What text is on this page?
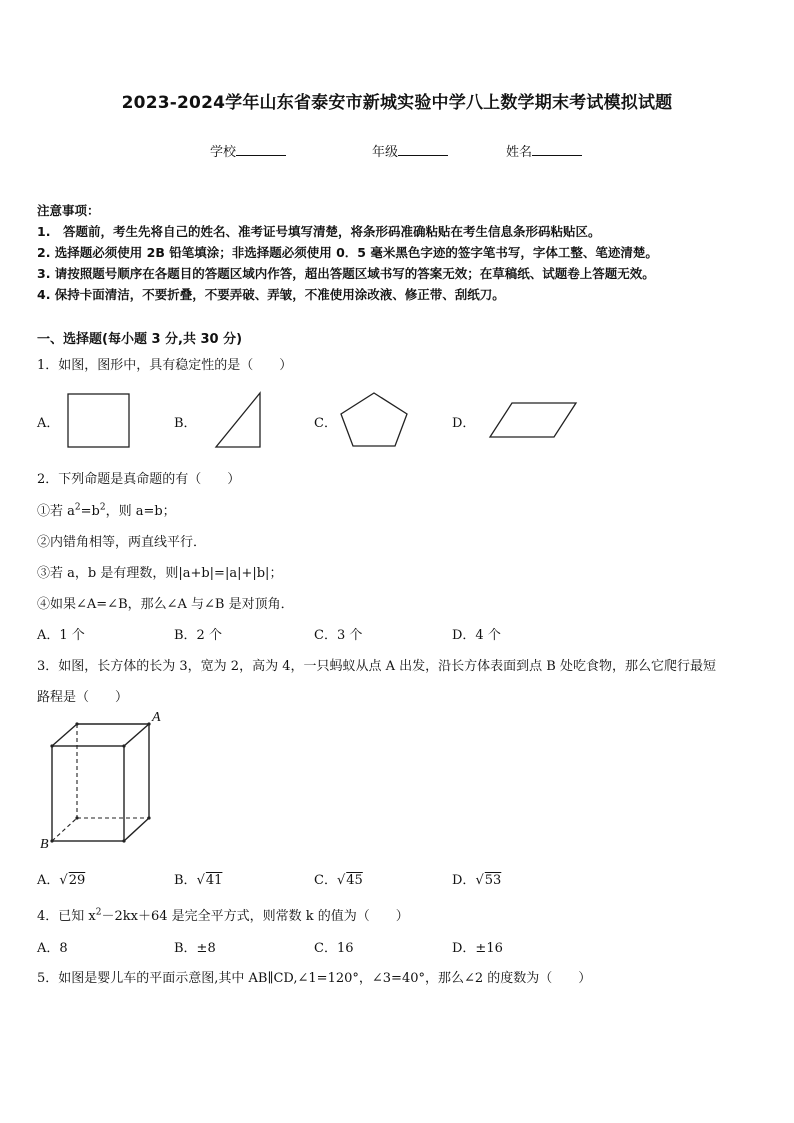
2023-2024学年山东省泰安市新城实验中学八上数学期末考试模拟试题
学校	年级	姓名
注意事项：
1.　答题前，考生先将自己的姓名、准考证号填写清楚，将条形码准确粘贴在考生信息条形码粘贴区。
2. 选择题必须使用 2B 铅笔填涂；非选择题必须使用 0．5 毫米黑色字迹的签字笔书写，字体工整、笔迹清楚。
3. 请按照题号顺序在各题目的答题区域内作答，超出答题区域书写的答案无效；在草稿纸、试题卷上答题无效。
4. 保持卡面清洁，不要折叠，不要弄破、弄皱，不准使用涂改液、修正带、刮纸刀。
一、选择题(每小题 3 分,共 30 分)
1．如图，图形中，具有稳定性的是（　　）
A．	B．	C．	D．
2．下列命题是真命题的有（　　）
①若 $a^2=b^2$，则 a=b；
②内错角相等，两直线平行．
③若 a，b 是有理数，则|a+b|=|a|+|b|；
④如果∠A=∠B，那么∠A 与∠B 是对顶角．
A．1 个	B．2 个	C．3 个	D．4 个
3．如图，长方体的长为 3，宽为 2，高为 4，一只蚂蚁从点 A 出发，沿长方体表面到点 B 处吃食物，那么它爬行最短
路程是（　　）
A
B
A．√29	B．√41	C．√45	D．√53
4．已知 $x^2-2kx+64$ 是完全平方式，则常数 k 的值为（　　）
A．8	B．±8	C．16	D．±16
5．如图是婴儿车的平面示意图,其中 AB∥CD,∠1=120°，∠3=40°，那么∠2 的度数为（　　）
